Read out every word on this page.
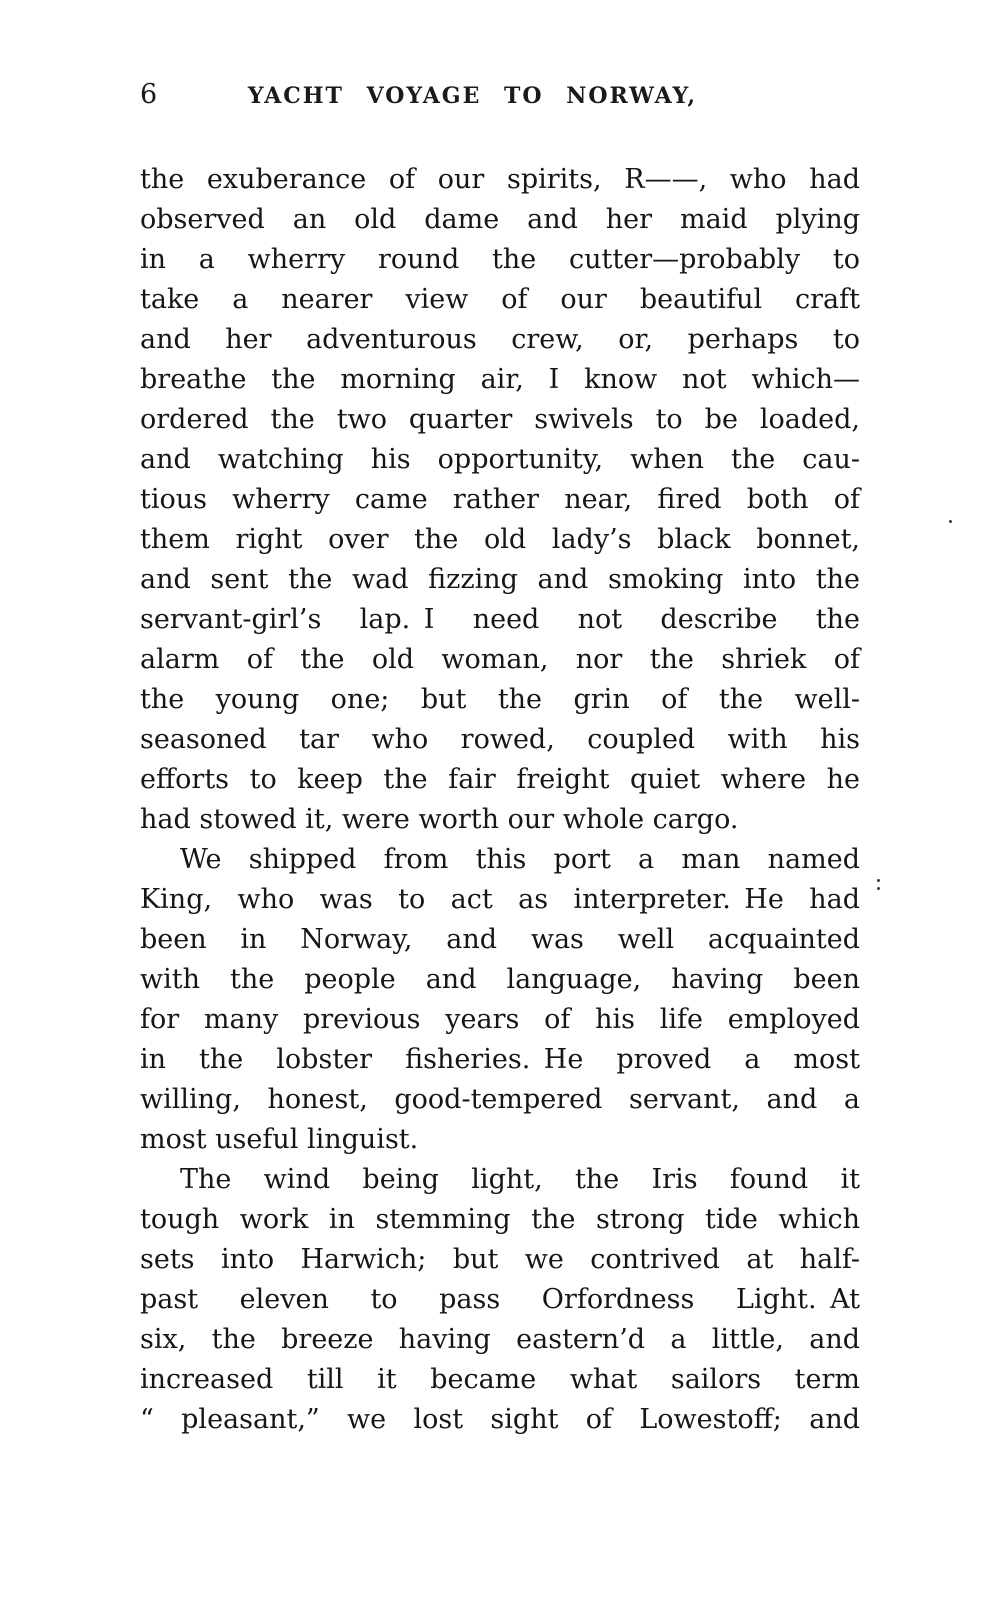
6	YACHT VOYAGE TO NORWAY,
the exuberance of our spirits, R——, who had
observed an old dame and her maid plying
in a wherry round the cutter—probably to
take a nearer view of our beautiful craft
and her adventurous crew, or, perhaps to
breathe the morning air, I know not which—
ordered the two quarter swivels to be loaded,
and watching his opportunity, when the cau-
tious wherry came rather near, fired both of
them right over the old lady’s black bonnet,
and sent the wad fizzing and smoking into the
servant-girl’s lap. I need not describe the
alarm of the old woman, nor the shriek of
the young one; but the grin of the well-
seasoned tar who rowed, coupled with his
efforts to keep the fair freight quiet where he
had stowed it, were worth our whole cargo.
We shipped from this port a man named
King, who was to act as interpreter. He had
been in Norway, and was well acquainted
with the people and language, having been
for many previous years of his life employed
in the lobster fisheries. He proved a most
willing, honest, good-tempered servant, and a
most useful linguist.
The wind being light, the Iris found it
tough work in stemming the strong tide which
sets into Harwich; but we contrived at half-
past eleven to pass Orfordness Light. At
six, the breeze having eastern’d a little, and
increased till it became what sailors term
“ pleasant,” we lost sight of Lowestoff; and
